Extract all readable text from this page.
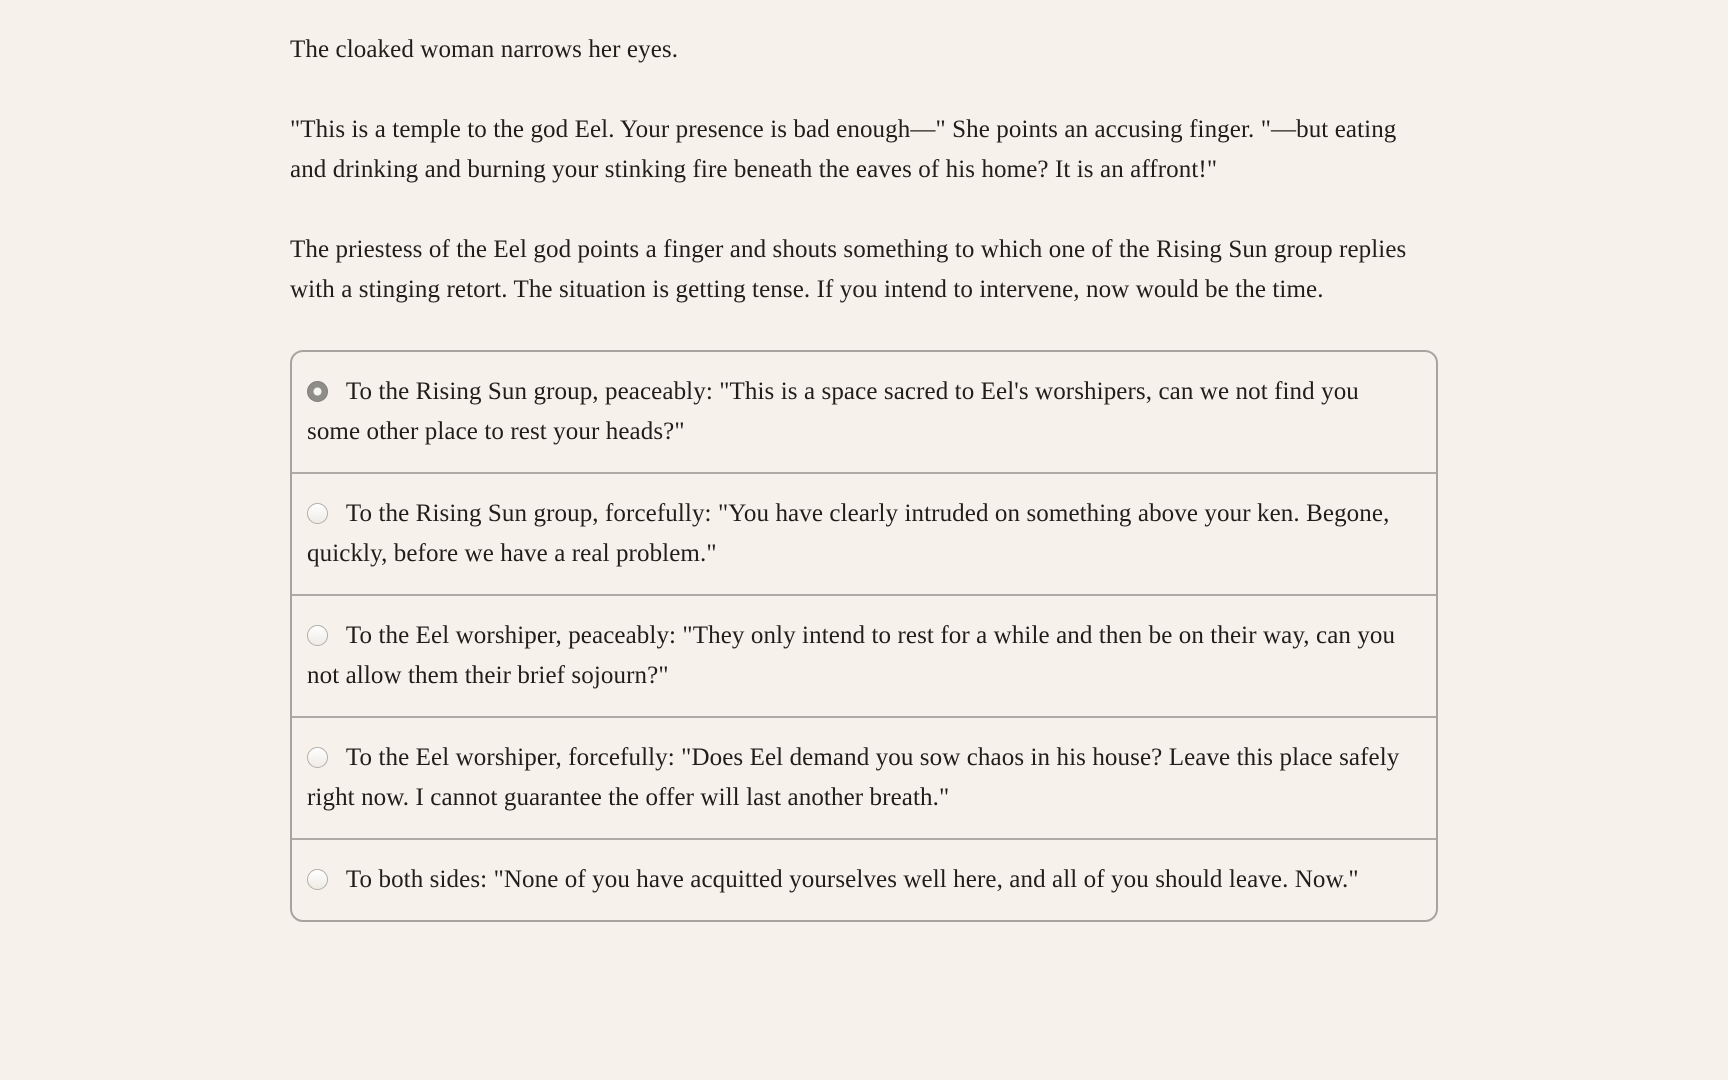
The cloaked woman narrows her eyes.

"This is a temple to the god Eel. Your presence is bad enough—" She points an accusing finger. "—but eating and drinking and burning your stinking fire beneath the eaves of his home? It is an affront!"

The priestess of the Eel god points a finger and shouts something to which one of the Rising Sun group replies with a stinging retort. The situation is getting tense. If you intend to intervene, now would be the time.

To the Rising Sun group, peaceably: "This is a space sacred to Eel's worshipers, can we not find you some other place to rest your heads?"
To the Rising Sun group, forcefully: "You have clearly intruded on something above your ken. Begone, quickly, before we have a real problem."
To the Eel worshiper, peaceably: "They only intend to rest for a while and then be on their way, can you not allow them their brief sojourn?"
To the Eel worshiper, forcefully: "Does Eel demand you sow chaos in his house? Leave this place safely right now. I cannot guarantee the offer will last another breath."
To both sides: "None of you have acquitted yourselves well here, and all of you should leave. Now."
